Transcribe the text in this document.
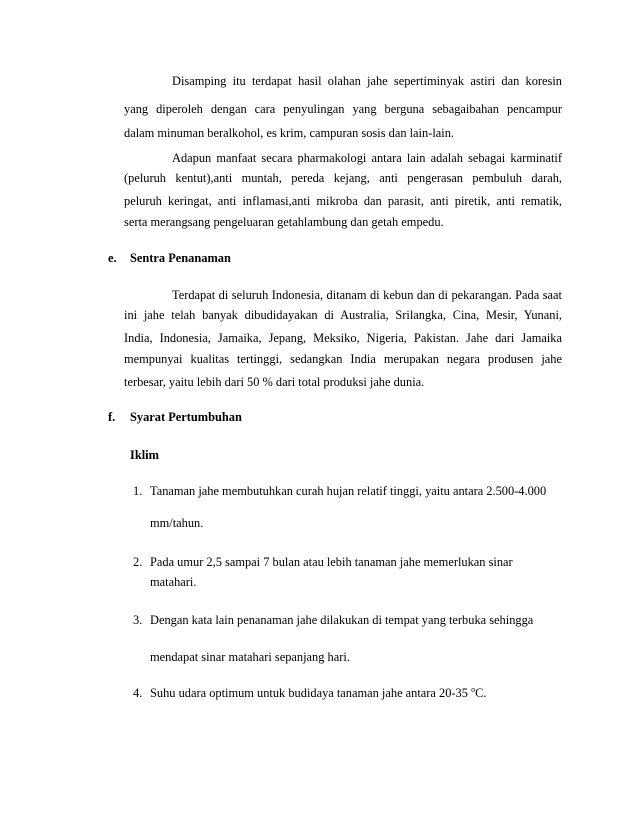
Disamping itu terdapat hasil olahan jahe sepertiminyak astiri dan koresin
yang diperoleh dengan cara penyulingan yang berguna sebagaibahan pencampur
dalam minuman beralkohol, es krim, campuran sosis dan lain-lain.
Adapun manfaat secara pharmakologi antara lain adalah sebagai karminatif
(peluruh kentut),anti muntah, pereda kejang, anti pengerasan pembuluh darah,
peluruh keringat, anti inflamasi,anti mikroba dan parasit, anti piretik, anti rematik,
serta merangsang pengeluaran getahlambung dan getah empedu.
e. Sentra Penanaman
Terdapat di seluruh Indonesia, ditanam di kebun dan di pekarangan. Pada saat
ini jahe telah banyak dibudidayakan di Australia, Srilangka, Cina, Mesir, Yunani,
India, Indonesia, Jamaika, Jepang, Meksiko, Nigeria, Pakistan. Jahe dari Jamaika
mempunyai kualitas tertinggi, sedangkan India merupakan negara produsen jahe
terbesar, yaitu lebih dari 50 % dari total produksi jahe dunia.
f. Syarat Pertumbuhan
Iklim
1. Tanaman jahe membutuhkan curah hujan relatif tinggi, yaitu antara 2.500-4.000
mm/tahun.
2. Pada umur 2,5 sampai 7 bulan atau lebih tanaman jahe memerlukan sinar
matahari.
3. Dengan kata lain penanaman jahe dilakukan di tempat yang terbuka sehingga
mendapat sinar matahari sepanjang hari.
4. Suhu udara optimum untuk budidaya tanaman jahe antara 20-35 $^o$C.
